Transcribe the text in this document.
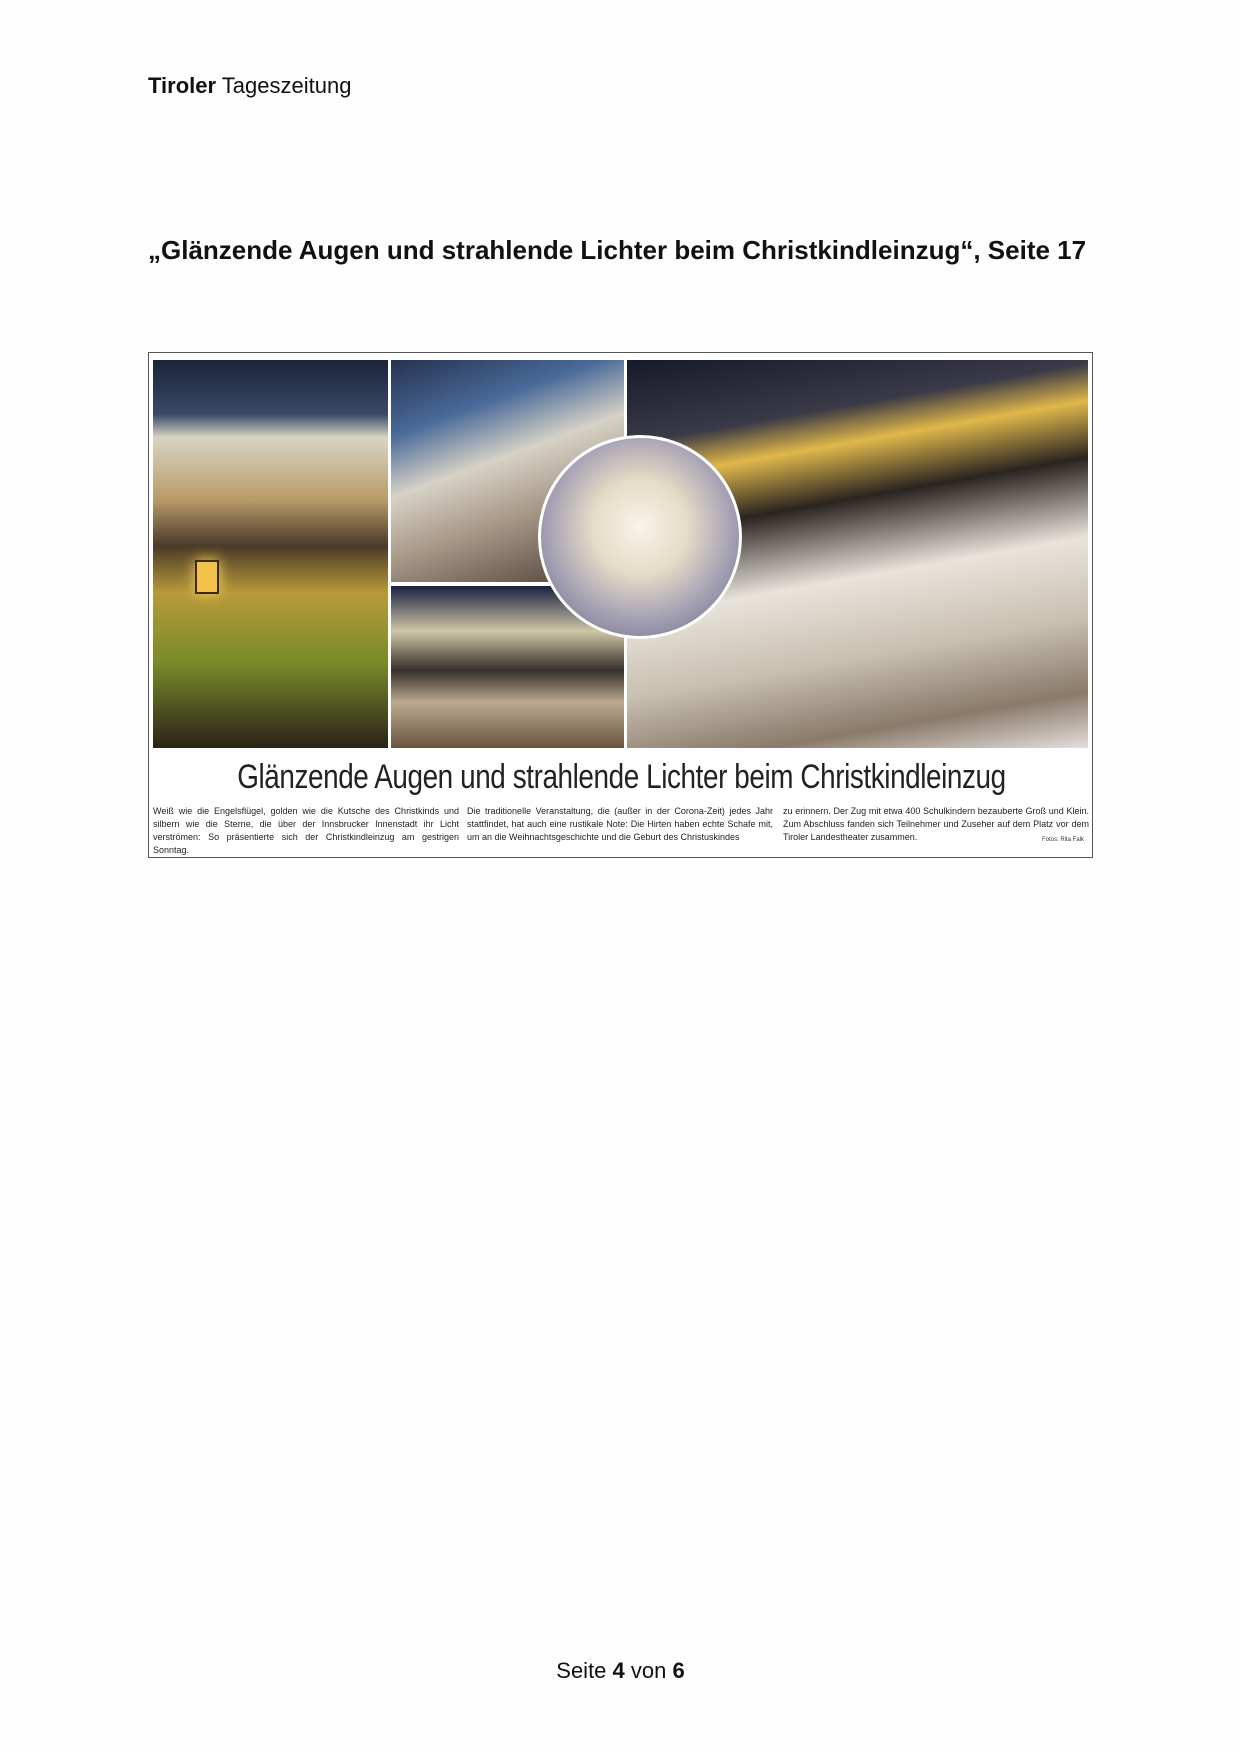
Tiroler Tageszeitung
„Glänzende Augen und strahlende Lichter beim Christkindleinzug“, Seite 17
Glänzende Augen und strahlende Lichter beim Christkindleinzug
Weiß wie die Engelsflügel, golden wie die Kutsche des Christkinds und silbern wie die Sterne, die über der Innsbrucker Innenstadt ihr Licht verströmen: So präsentierte sich der Christkindleinzug am gestrigen Sonntag.
Die traditionelle Veranstaltung, die (außer in der Corona-Zeit) jedes Jahr stattfindet, hat auch eine rustikale Note: Die Hirten haben echte Schafe mit, um an die Weihnachtsgeschichte und die Geburt des Christuskindes
zu erinnern. Der Zug mit etwa 400 Schulkindern bezauberte Groß und Klein. Zum Abschluss fanden sich Teilnehmer und Zuseher auf dem Platz vor dem Tiroler Landestheater zusammen.	Fotos: Rita Falk
Seite 4 von 6
